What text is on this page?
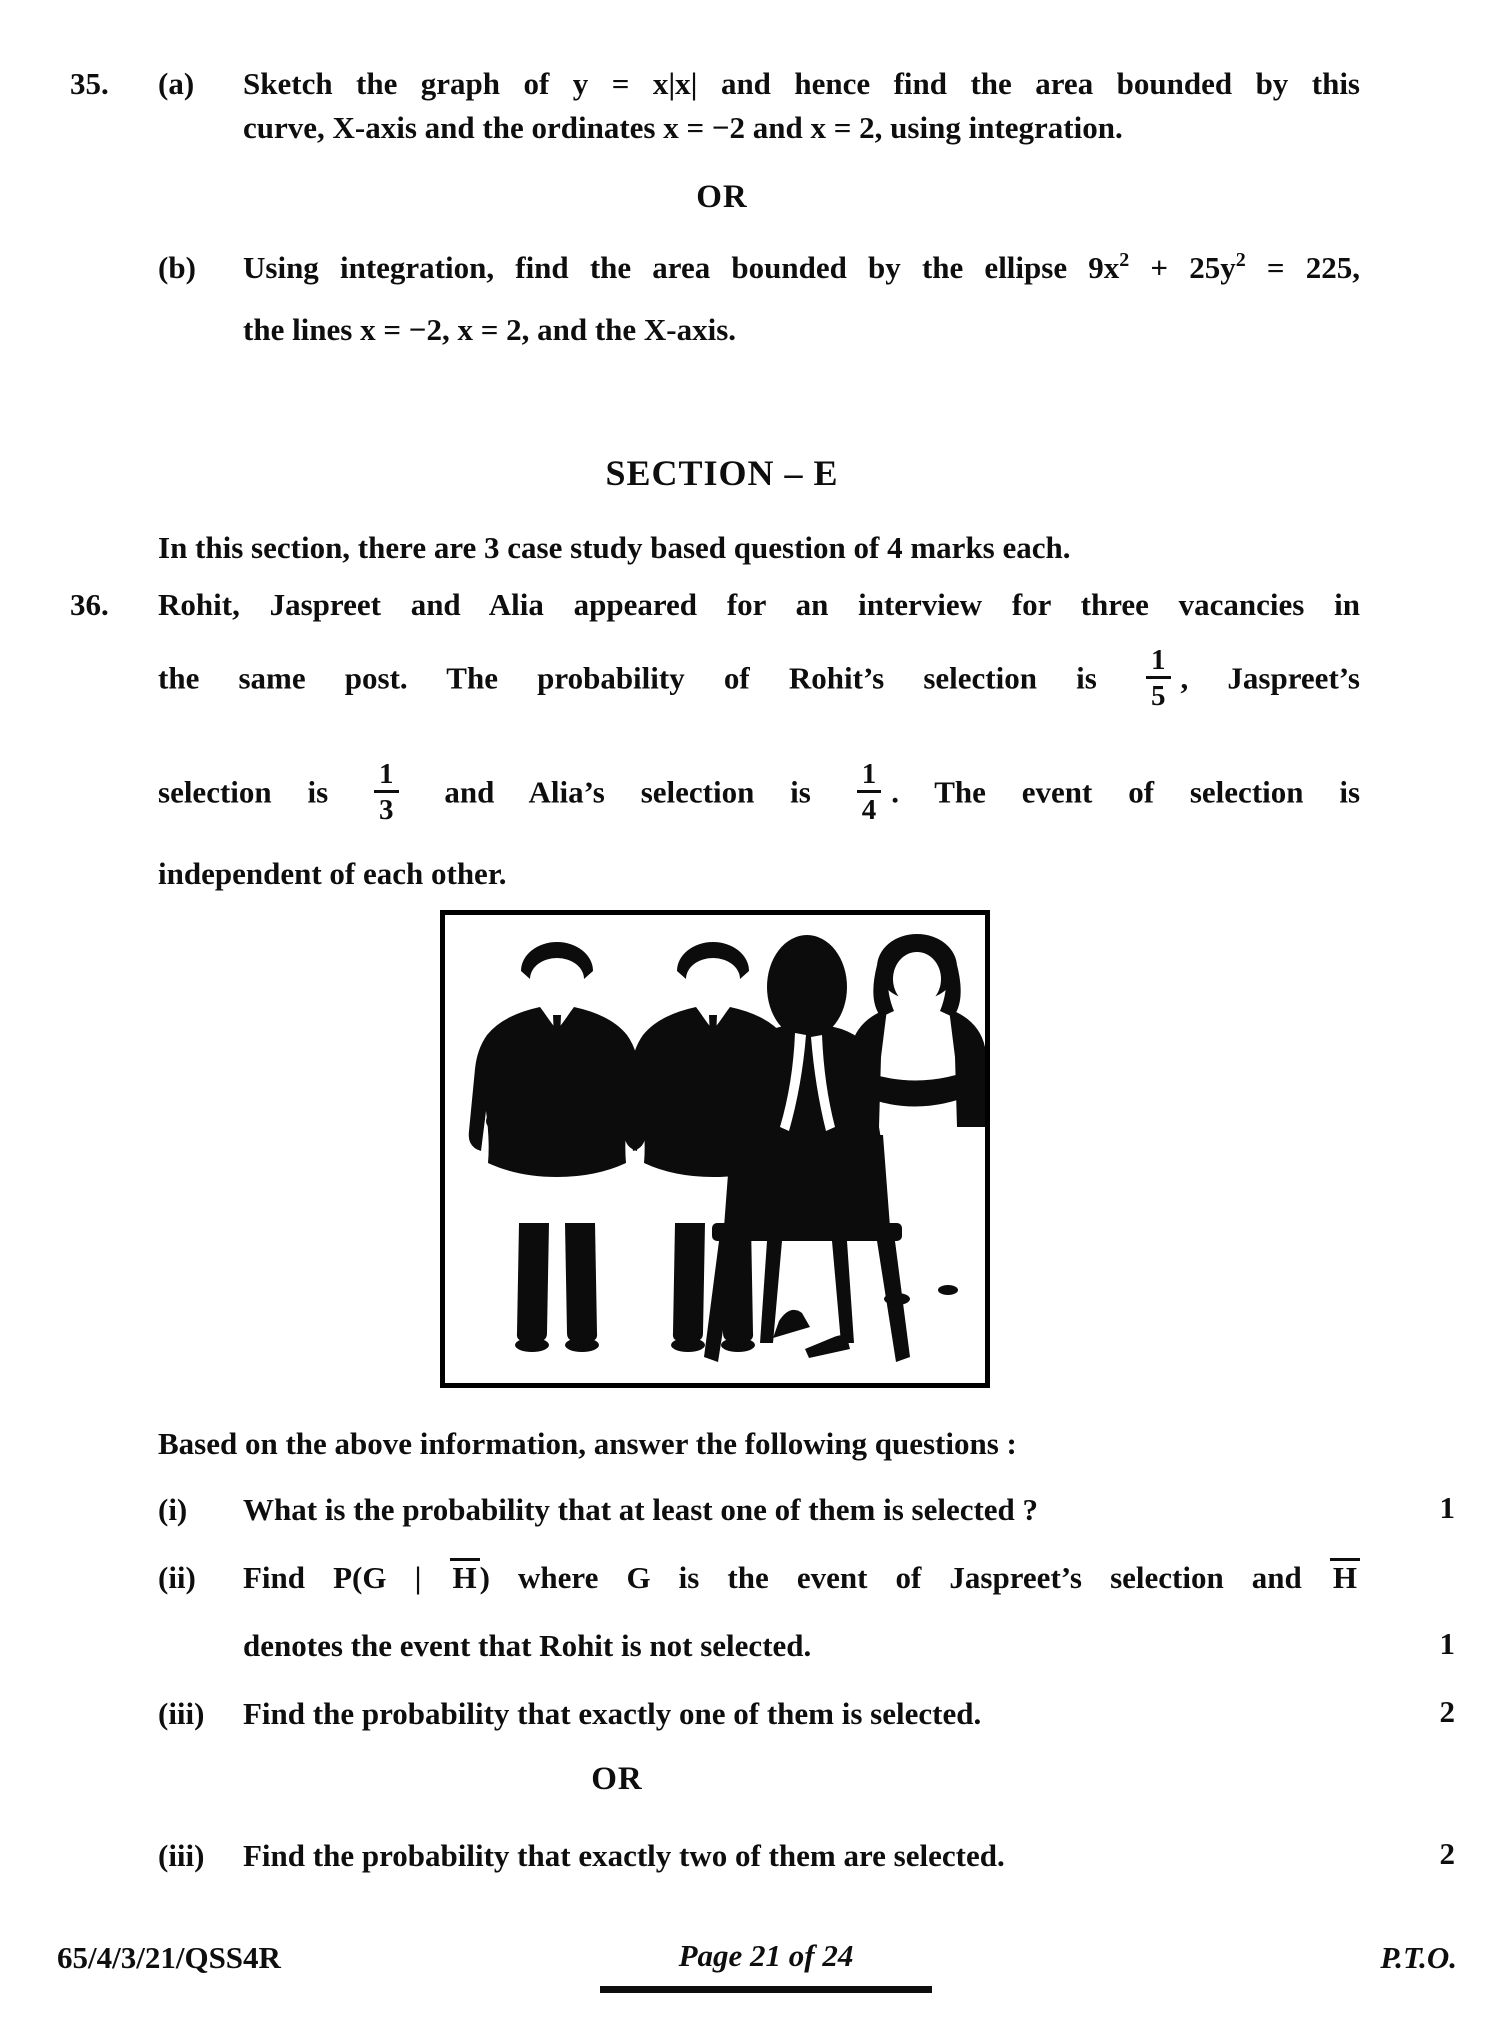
35. (a) Sketch the graph of y = x|x| and hence find the area bounded by this
curve, X-axis and the ordinates x = −2 and x = 2, using integration.
OR
(b) Using integration, find the area bounded by the ellipse $9x^2 + 25y^2 = 225$,
the lines x = −2, x = 2, and the X-axis.
SECTION – E
In this section, there are 3 case study based question of 4 marks each.
36. Rohit, Jaspreet and Alia appeared for an interview for three vacancies in
the same post. The probability of Rohit’s selection is $\frac{1}{5}$ , Jaspreet’s
selection is $\frac{1}{3}$ and Alia’s selection is $\frac{1}{4}$ . The event of selection is
independent of each other.
Based on the above information, answer the following questions :
(i) What is the probability that at least one of them is selected ?	1
(ii) Find P(G | H) where G is the event of Jaspreet’s selection and H
denotes the event that Rohit is not selected.	1
(iii) Find the probability that exactly one of them is selected.	2
OR
(iii) Find the probability that exactly two of them are selected.	2
65/4/3/21/QSS4R	Page 21 of 24	P.T.O.
